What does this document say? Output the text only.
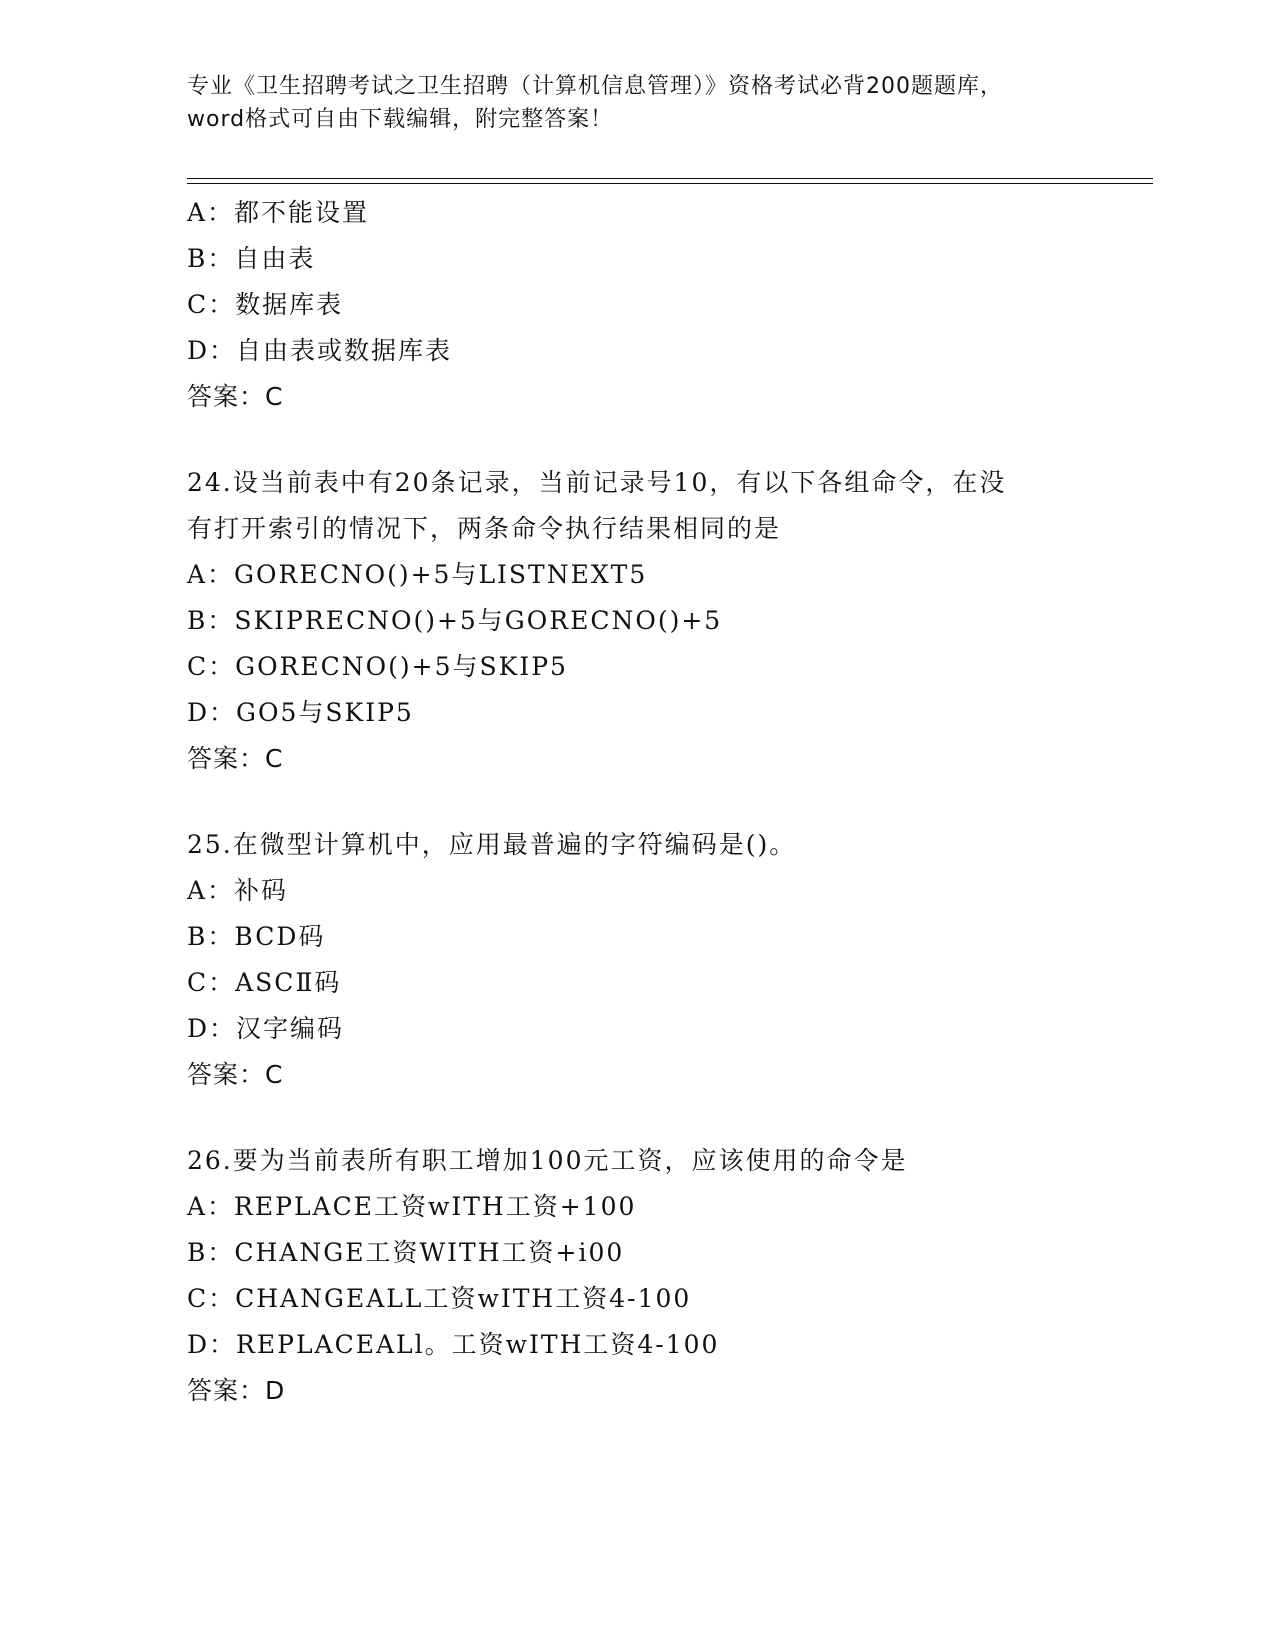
专业《卫生招聘考试之卫生招聘（计算机信息管理）》资格考试必背200题题库，
word格式可自由下载编辑，附完整答案！
A：都不能设置
B：自由表
C：数据库表
D：自由表或数据库表
答案：C
24.设当前表中有20条记录，当前记录号10，有以下各组命令，在没
有打开索引的情况下，两条命令执行结果相同的是
A：GORECNO()+5与LISTNEXT5
B：SKIPRECNO()+5与GORECNO()+5
C：GORECNO()+5与SKIP5
D：GO5与SKIP5
答案：C
25.在微型计算机中，应用最普遍的字符编码是()。
A：补码
B：BCD码
C：ASCⅡ码
D：汉字编码
答案：C
26.要为当前表所有职工增加100元工资，应该使用的命令是
A：REPLACE工资wITH工资+100
B：CHANGE工资WITH工资+i00
C：CHANGEALL工资wITH工资4-100
D：REPLACEALl。工资wITH工资4-100
答案：D
